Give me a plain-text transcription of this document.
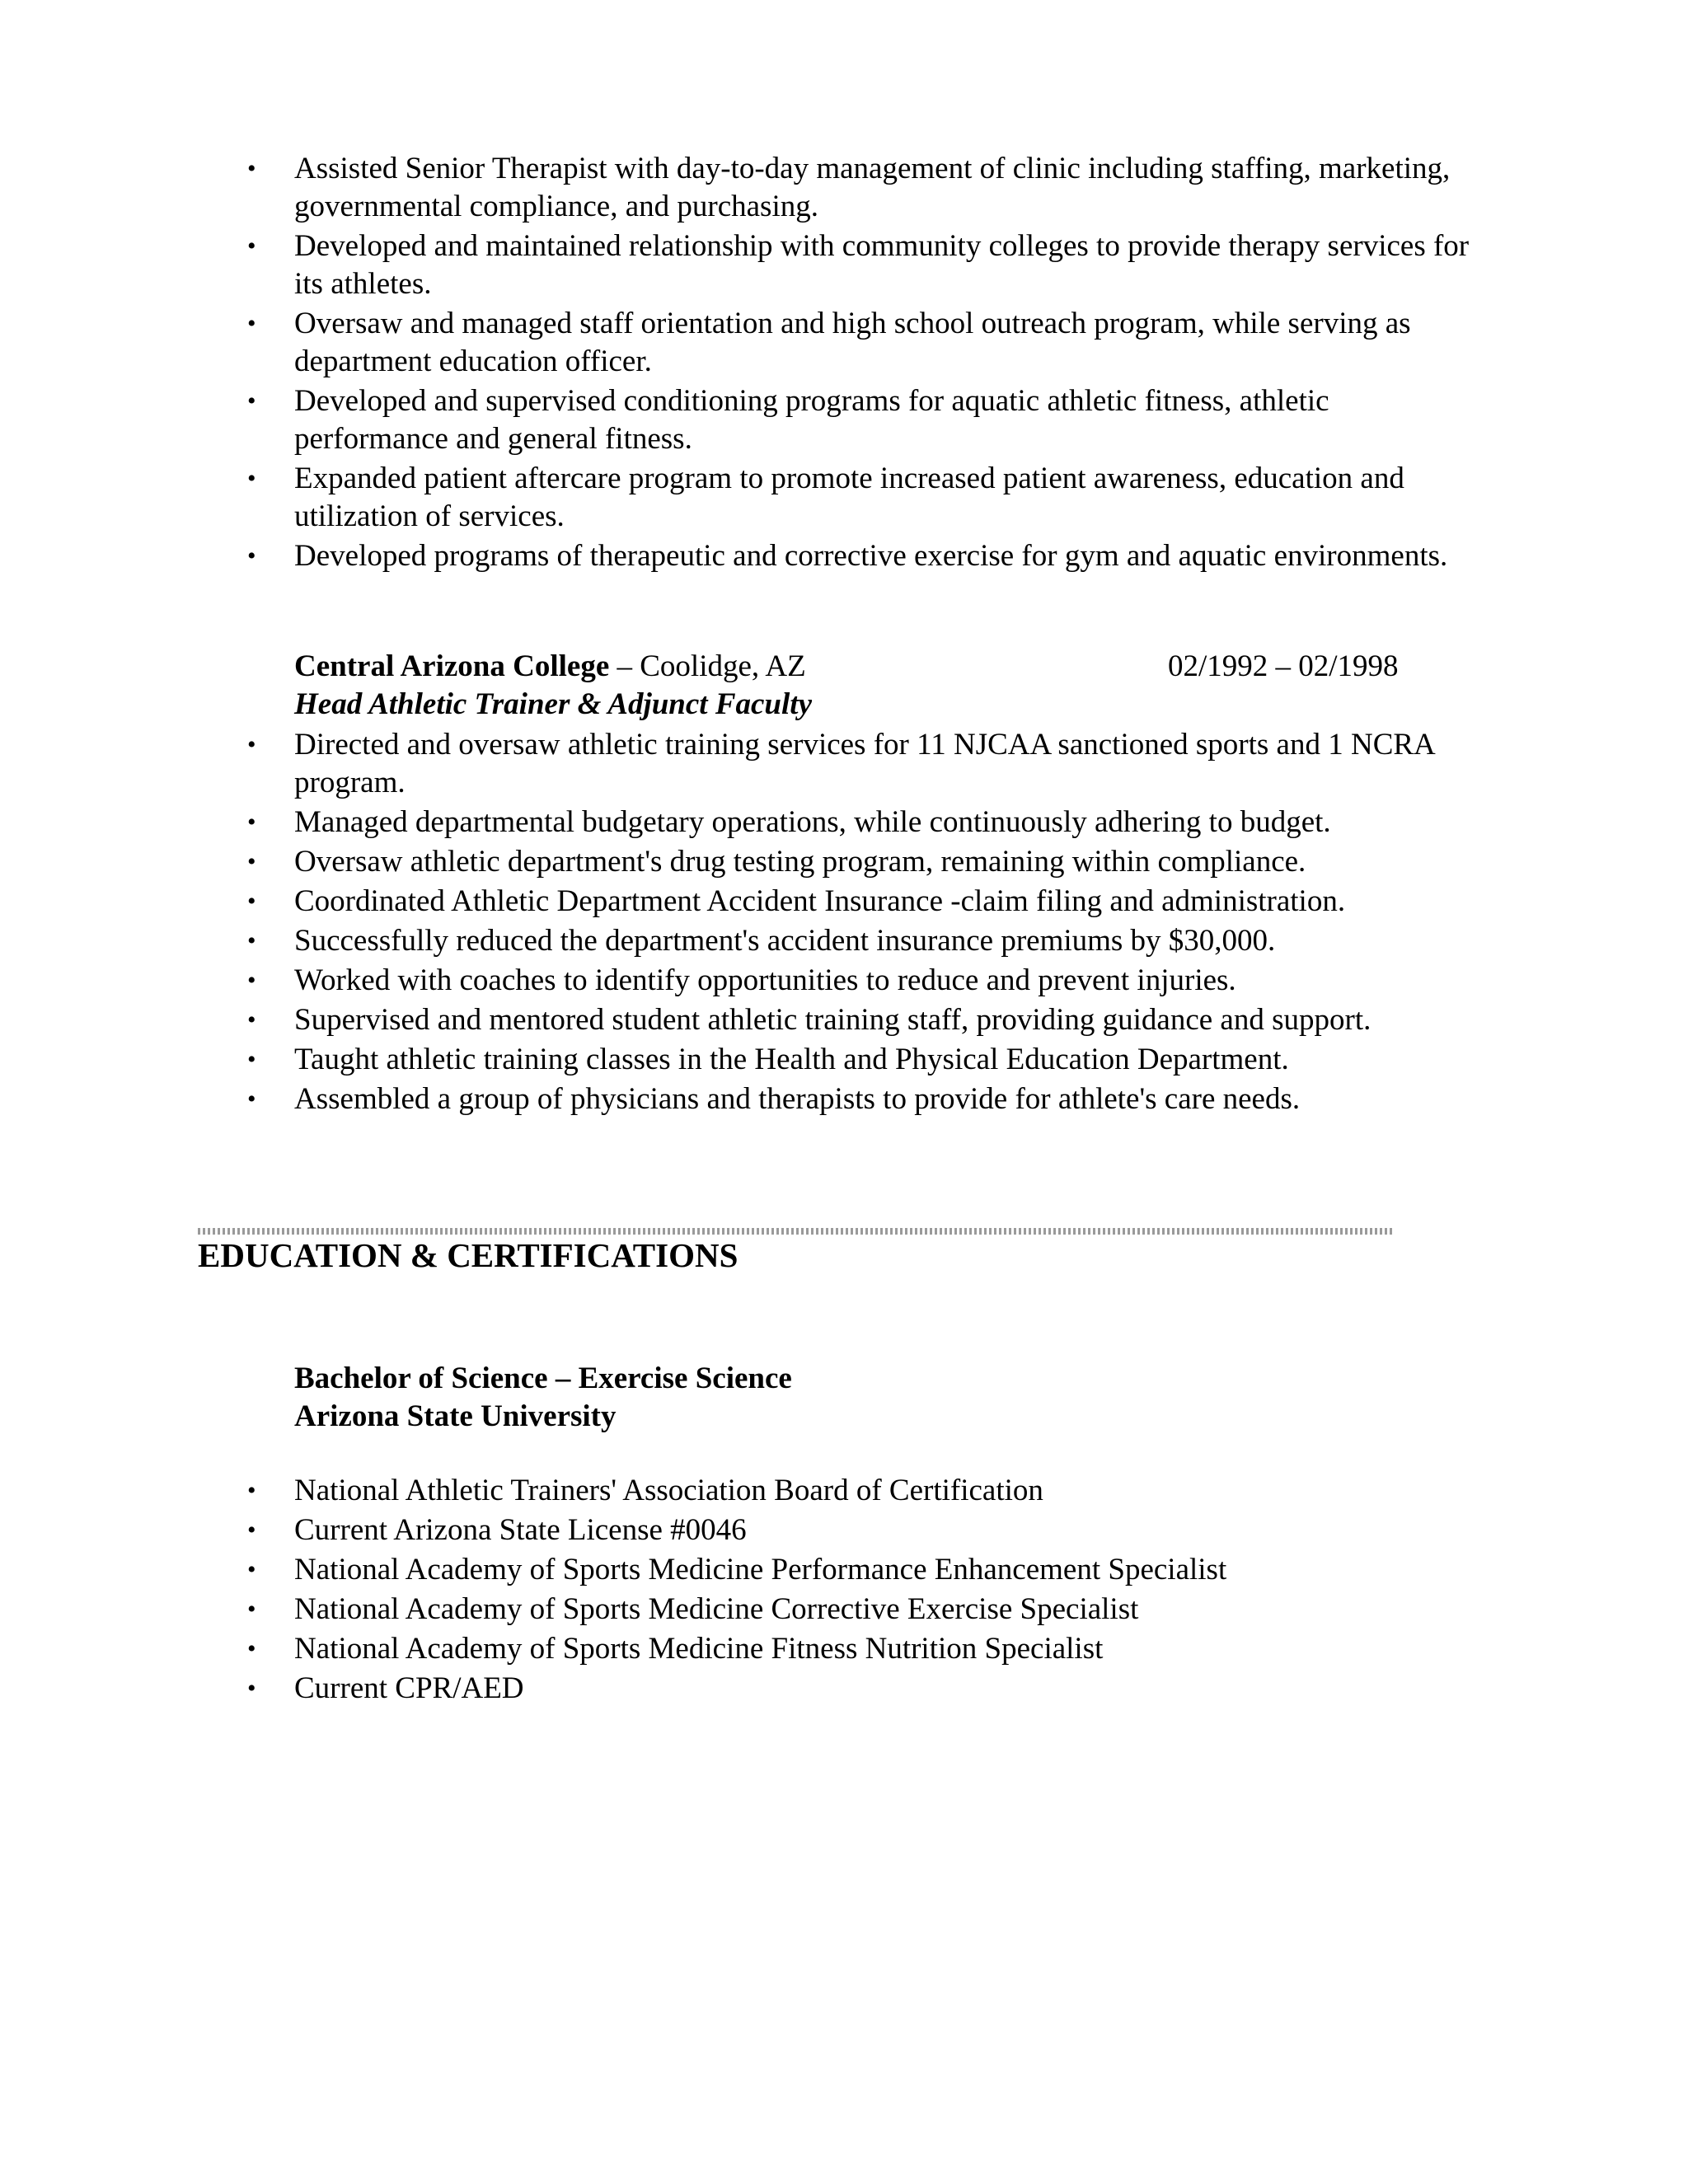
• Assisted Senior Therapist with day-to-day management of clinic including staffing, marketing, governmental compliance, and purchasing.
• Developed and maintained relationship with community colleges to provide therapy services for its athletes.
• Oversaw and managed staff orientation and high school outreach program, while serving as department education officer.
• Developed and supervised conditioning programs for aquatic athletic fitness, athletic performance and general fitness.
• Expanded patient aftercare program to promote increased patient awareness, education and utilization of services.
• Developed programs of therapeutic and corrective exercise for gym and aquatic environments.
Central Arizona College – Coolidge, AZ	02/1992 – 02/1998
Head Athletic Trainer & Adjunct Faculty
• Directed and oversaw athletic training services for 11 NJCAA sanctioned sports and 1 NCRA program.
• Managed departmental budgetary operations, while continuously adhering to budget.
• Oversaw athletic department's drug testing program, remaining within compliance.
• Coordinated Athletic Department Accident Insurance -claim filing and administration.
• Successfully reduced the department's accident insurance premiums by $30,000.
• Worked with coaches to identify opportunities to reduce and prevent injuries.
• Supervised and mentored student athletic training staff, providing guidance and support.
• Taught athletic training classes in the Health and Physical Education Department.
• Assembled a group of physicians and therapists to provide for athlete's care needs.
EDUCATION & CERTIFICATIONS
Bachelor of Science – Exercise Science
Arizona State University
• National Athletic Trainers' Association Board of Certification
• Current Arizona State License #0046
• National Academy of Sports Medicine Performance Enhancement Specialist
• National Academy of Sports Medicine Corrective Exercise Specialist
• National Academy of Sports Medicine Fitness Nutrition Specialist
• Current CPR/AED
